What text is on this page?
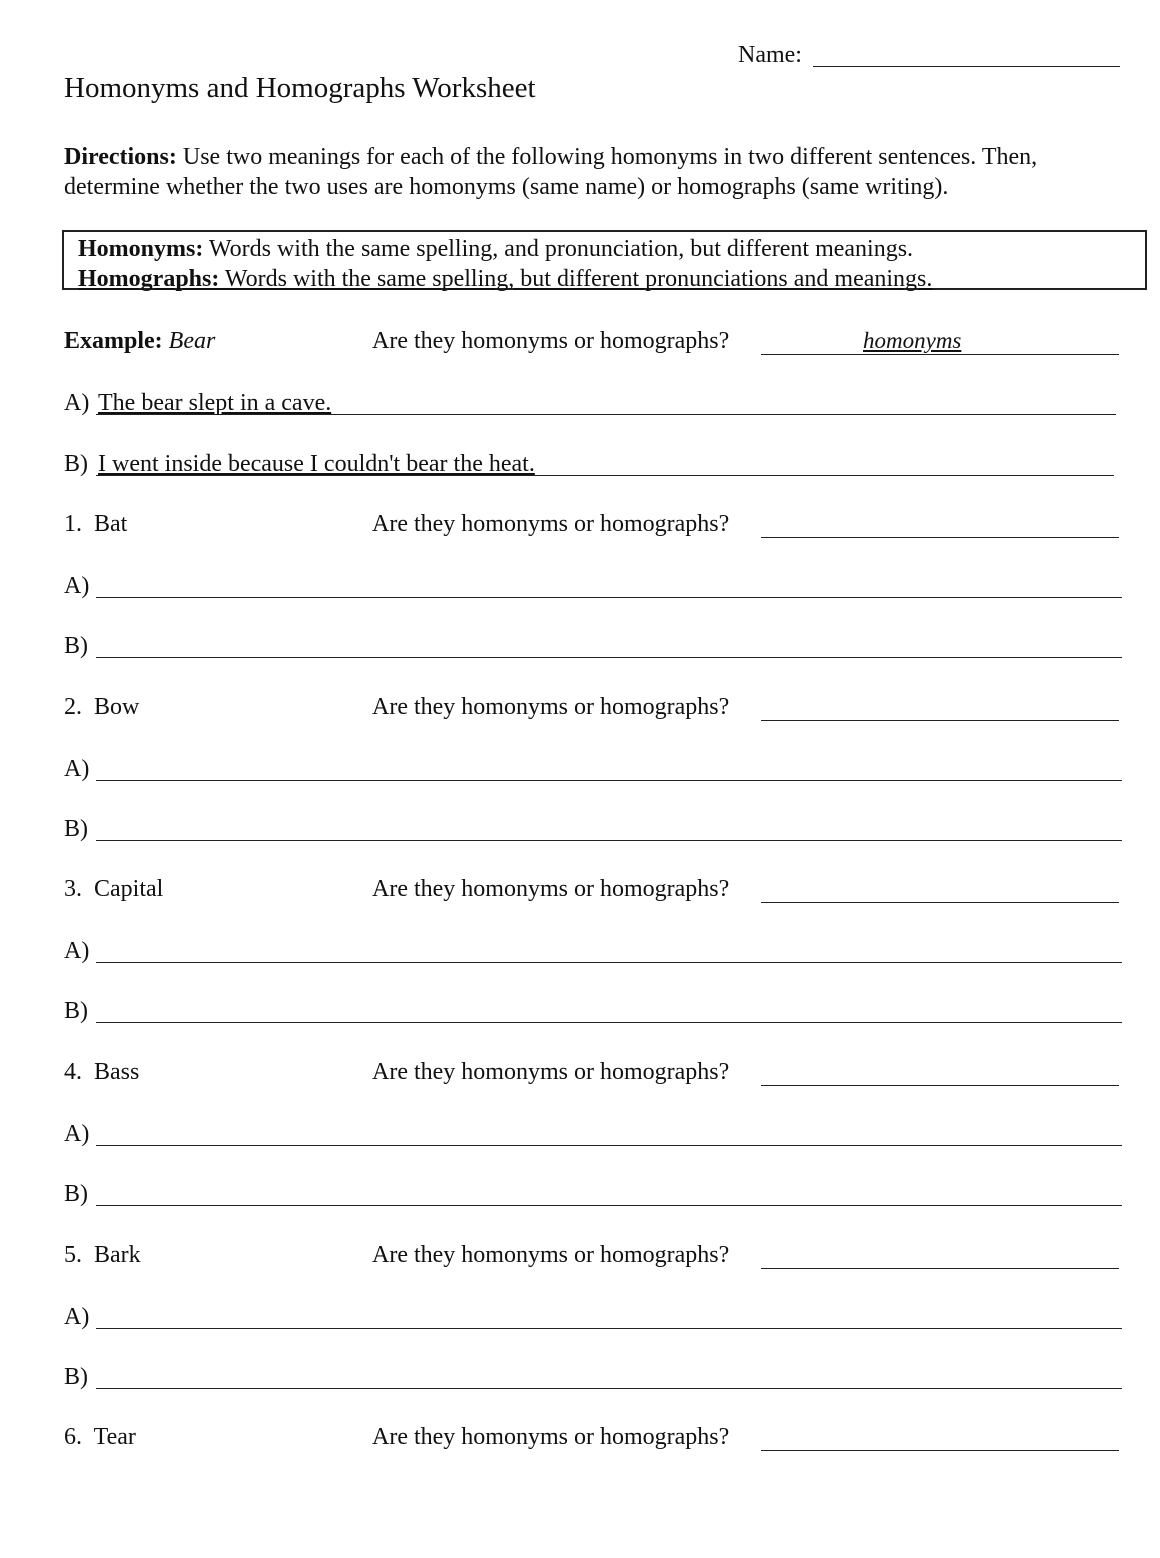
Name:
Homonyms and Homographs Worksheet
Directions: Use two meanings for each of the following homonyms in two different sentences. Then, determine whether the two uses are homonyms (same name) or homographs (same writing).
Homonyms: Words with the same spelling, and pronunciation, but different meanings.
Homographs: Words with the same spelling, but different pronunciations and meanings.
Example: Bear	Are they homonyms or homographs?	homonyms
A) The bear slept in a cave.
B) I went inside because I couldn't bear the heat.
1. Bat	Are they homonyms or homographs?
A)
B)
2. Bow	Are they homonyms or homographs?
A)
B)
3. Capital	Are they homonyms or homographs?
A)
B)
4. Bass	Are they homonyms or homographs?
A)
B)
5. Bark	Are they homonyms or homographs?
A)
B)
6. Tear	Are they homonyms or homographs?
